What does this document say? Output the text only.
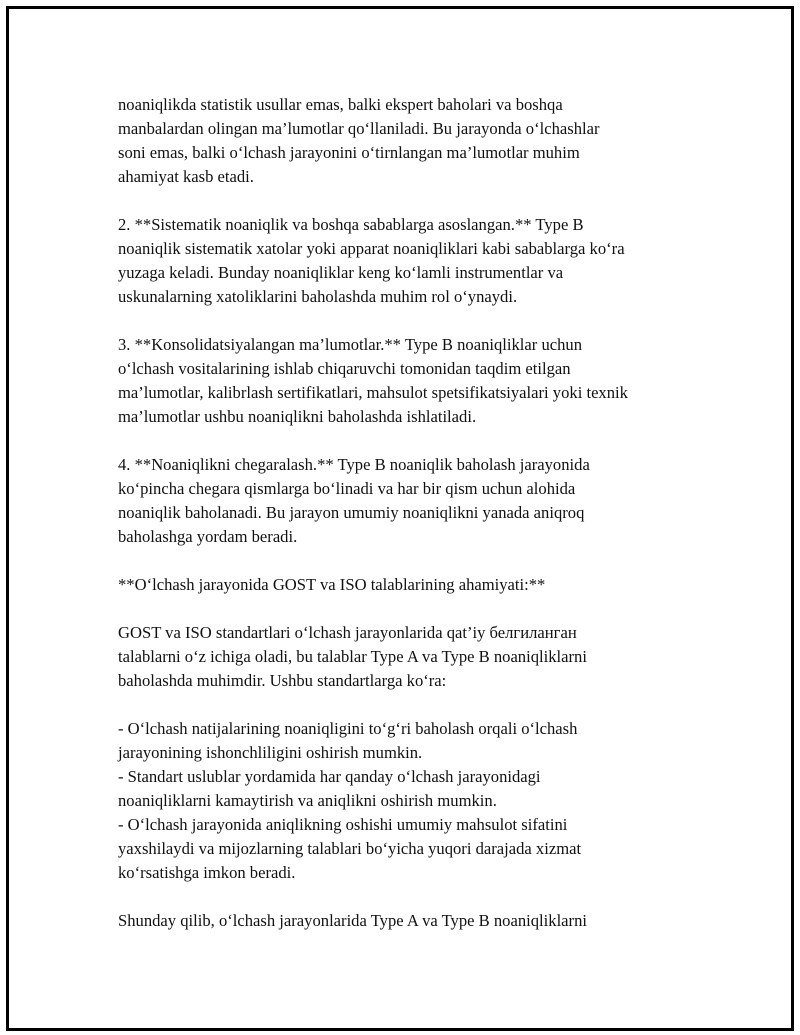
noaniqlikda statistik usullar emas, balki ekspert baholari va boshqa
manbalardan olingan ma’lumotlar qo‘llaniladi. Bu jarayonda o‘lchashlar
soni emas, balki o‘lchash jarayonini o‘tirnlangan ma’lumotlar muhim
ahamiyat kasb etadi.
2. **Sistematik noaniqlik va boshqa sabablarga asoslangan.** Type B
noaniqlik sistematik xatolar yoki apparat noaniqliklari kabi sabablarga ko‘ra
yuzaga keladi. Bunday noaniqliklar keng ko‘lamli instrumentlar va
uskunalarning xatoliklarini baholashda muhim rol o‘ynaydi.
3. **Konsolidatsiyalangan ma’lumotlar.** Type B noaniqliklar uchun
o‘lchash vositalarining ishlab chiqaruvchi tomonidan taqdim etilgan
ma’lumotlar, kalibrlash sertifikatlari, mahsulot spetsifikatsiyalari yoki texnik
ma’lumotlar ushbu noaniqlikni baholashda ishlatiladi.
4. **Noaniqlikni chegaralash.** Type B noaniqlik baholash jarayonida
ko‘pincha chegara qismlarga bo‘linadi va har bir qism uchun alohida
noaniqlik baholanadi. Bu jarayon umumiy noaniqlikni yanada aniqroq
baholashga yordam beradi.
**O‘lchash jarayonida GOST va ISO talablarining ahamiyati:**
GOST va ISO standartlari o‘lchash jarayonlarida qat’iy белгиланган
talablarni o‘z ichiga oladi, bu talablar Type A va Type B noaniqliklarni
baholashda muhimdir. Ushbu standartlarga ko‘ra:
- O‘lchash natijalarining noaniqligini to‘g‘ri baholash orqali o‘lchash
jarayonining ishonchliligini oshirish mumkin.
- Standart uslublar yordamida har qanday o‘lchash jarayonidagi
noaniqliklarni kamaytirish va aniqlikni oshirish mumkin.
- O‘lchash jarayonida aniqlikning oshishi umumiy mahsulot sifatini
yaxshilaydi va mijozlarning talablari bo‘yicha yuqori darajada xizmat
ko‘rsatishga imkon beradi.
Shunday qilib, o‘lchash jarayonlarida Type A va Type B noaniqliklarni
